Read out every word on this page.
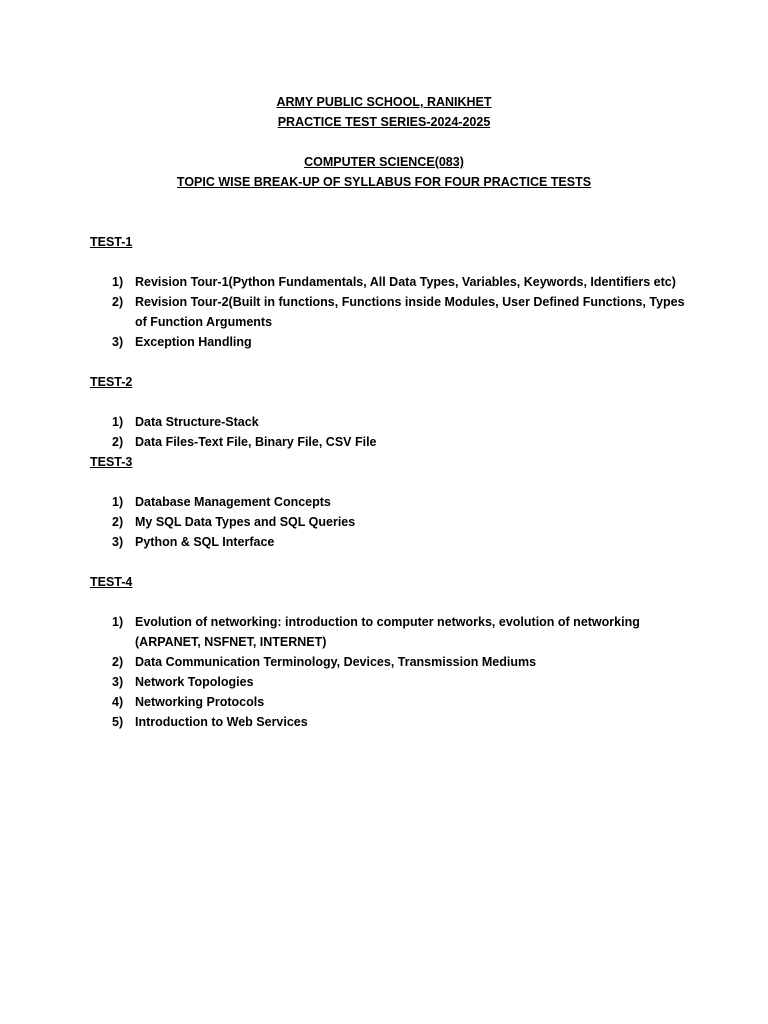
ARMY PUBLIC SCHOOL, RANIKHET
PRACTICE TEST SERIES-2024-2025
COMPUTER SCIENCE(083)
TOPIC WISE BREAK-UP OF SYLLABUS FOR FOUR PRACTICE TESTS
TEST-1
1) Revision Tour-1(Python Fundamentals, All Data Types, Variables, Keywords, Identifiers etc)
2) Revision Tour-2(Built in functions, Functions inside Modules, User Defined Functions, Types of Function Arguments
3) Exception Handling
TEST-2
1) Data Structure-Stack
2) Data Files-Text File, Binary File, CSV File
TEST-3
1) Database Management Concepts
2) My SQL Data Types and SQL Queries
3) Python & SQL Interface
TEST-4
1) Evolution of networking: introduction to computer networks, evolution of networking (ARPANET, NSFNET, INTERNET)
2) Data Communication Terminology, Devices, Transmission Mediums
3) Network Topologies
4) Networking Protocols
5) Introduction to Web Services
